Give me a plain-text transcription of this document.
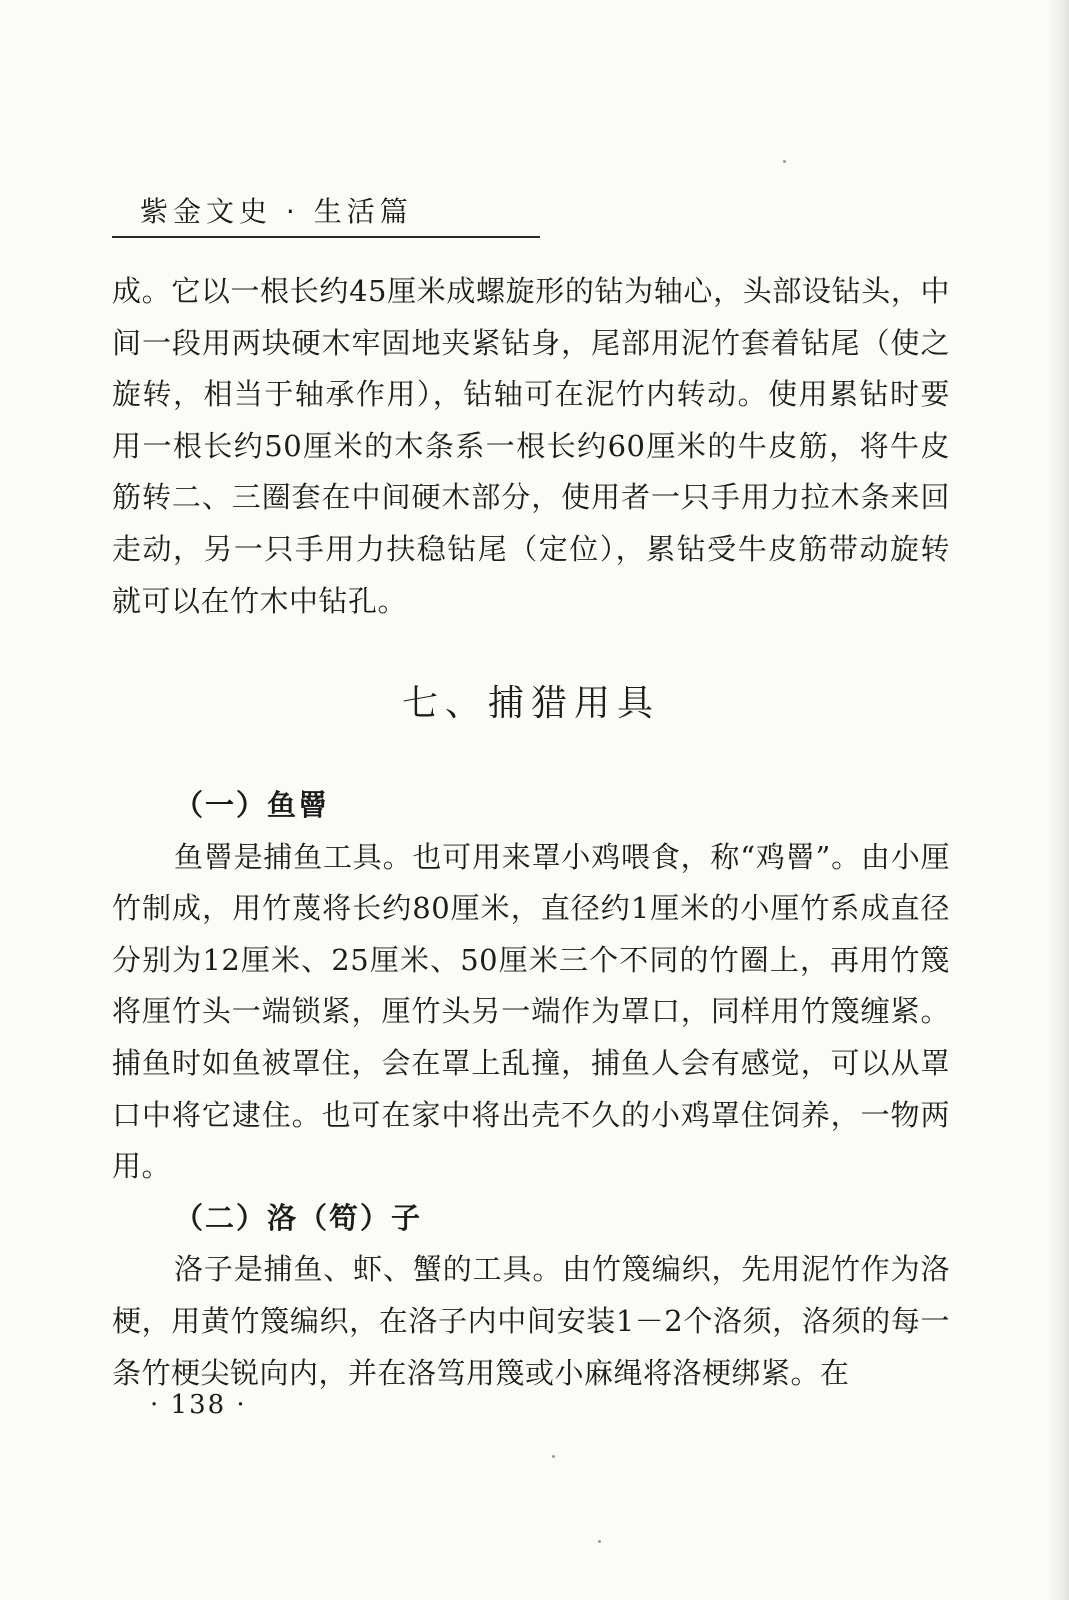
紫金文史 · 生活篇

成。它以一根长约45厘米成螺旋形的钻为轴心，头部设钻头，中间一段用两块硬木牢固地夹紧钻身，尾部用泥竹套着钻尾（使之旋转，相当于轴承作用），钻轴可在泥竹内转动。使用累钻时要用一根长约50厘米的木条系一根长约60厘米的牛皮筋，将牛皮筋转二、三圈套在中间硬木部分，使用者一只手用力拉木条来回走动，另一只手用力扶稳钻尾（定位），累钻受牛皮筋带动旋转就可以在竹木中钻孔。

七、捕猎用具

（一）鱼罾

鱼罾是捕鱼工具。也可用来罩小鸡喂食，称“鸡罾”。由小厘竹制成，用竹蔑将长约80厘米，直径约1厘米的小厘竹系成直径分别为12厘米、25厘米、50厘米三个不同的竹圈上，再用竹篾将厘竹头一端锁紧，厘竹头另一端作为罩口，同样用竹篾缠紧。捕鱼时如鱼被罩住，会在罩上乱撞，捕鱼人会有感觉，可以从罩口中将它逮住。也可在家中将出壳不久的小鸡罩住饲养，一物两用。

（二）洛（笱）子

洛子是捕鱼、虾、蟹的工具。由竹篾编织，先用泥竹作为洛梗，用黄竹篾编织，在洛子内中间安装1－2个洛须，洛须的每一条竹梗尖锐向内，并在洛笃用篾或小麻绳将洛梗绑紧。在

· 138 ·
